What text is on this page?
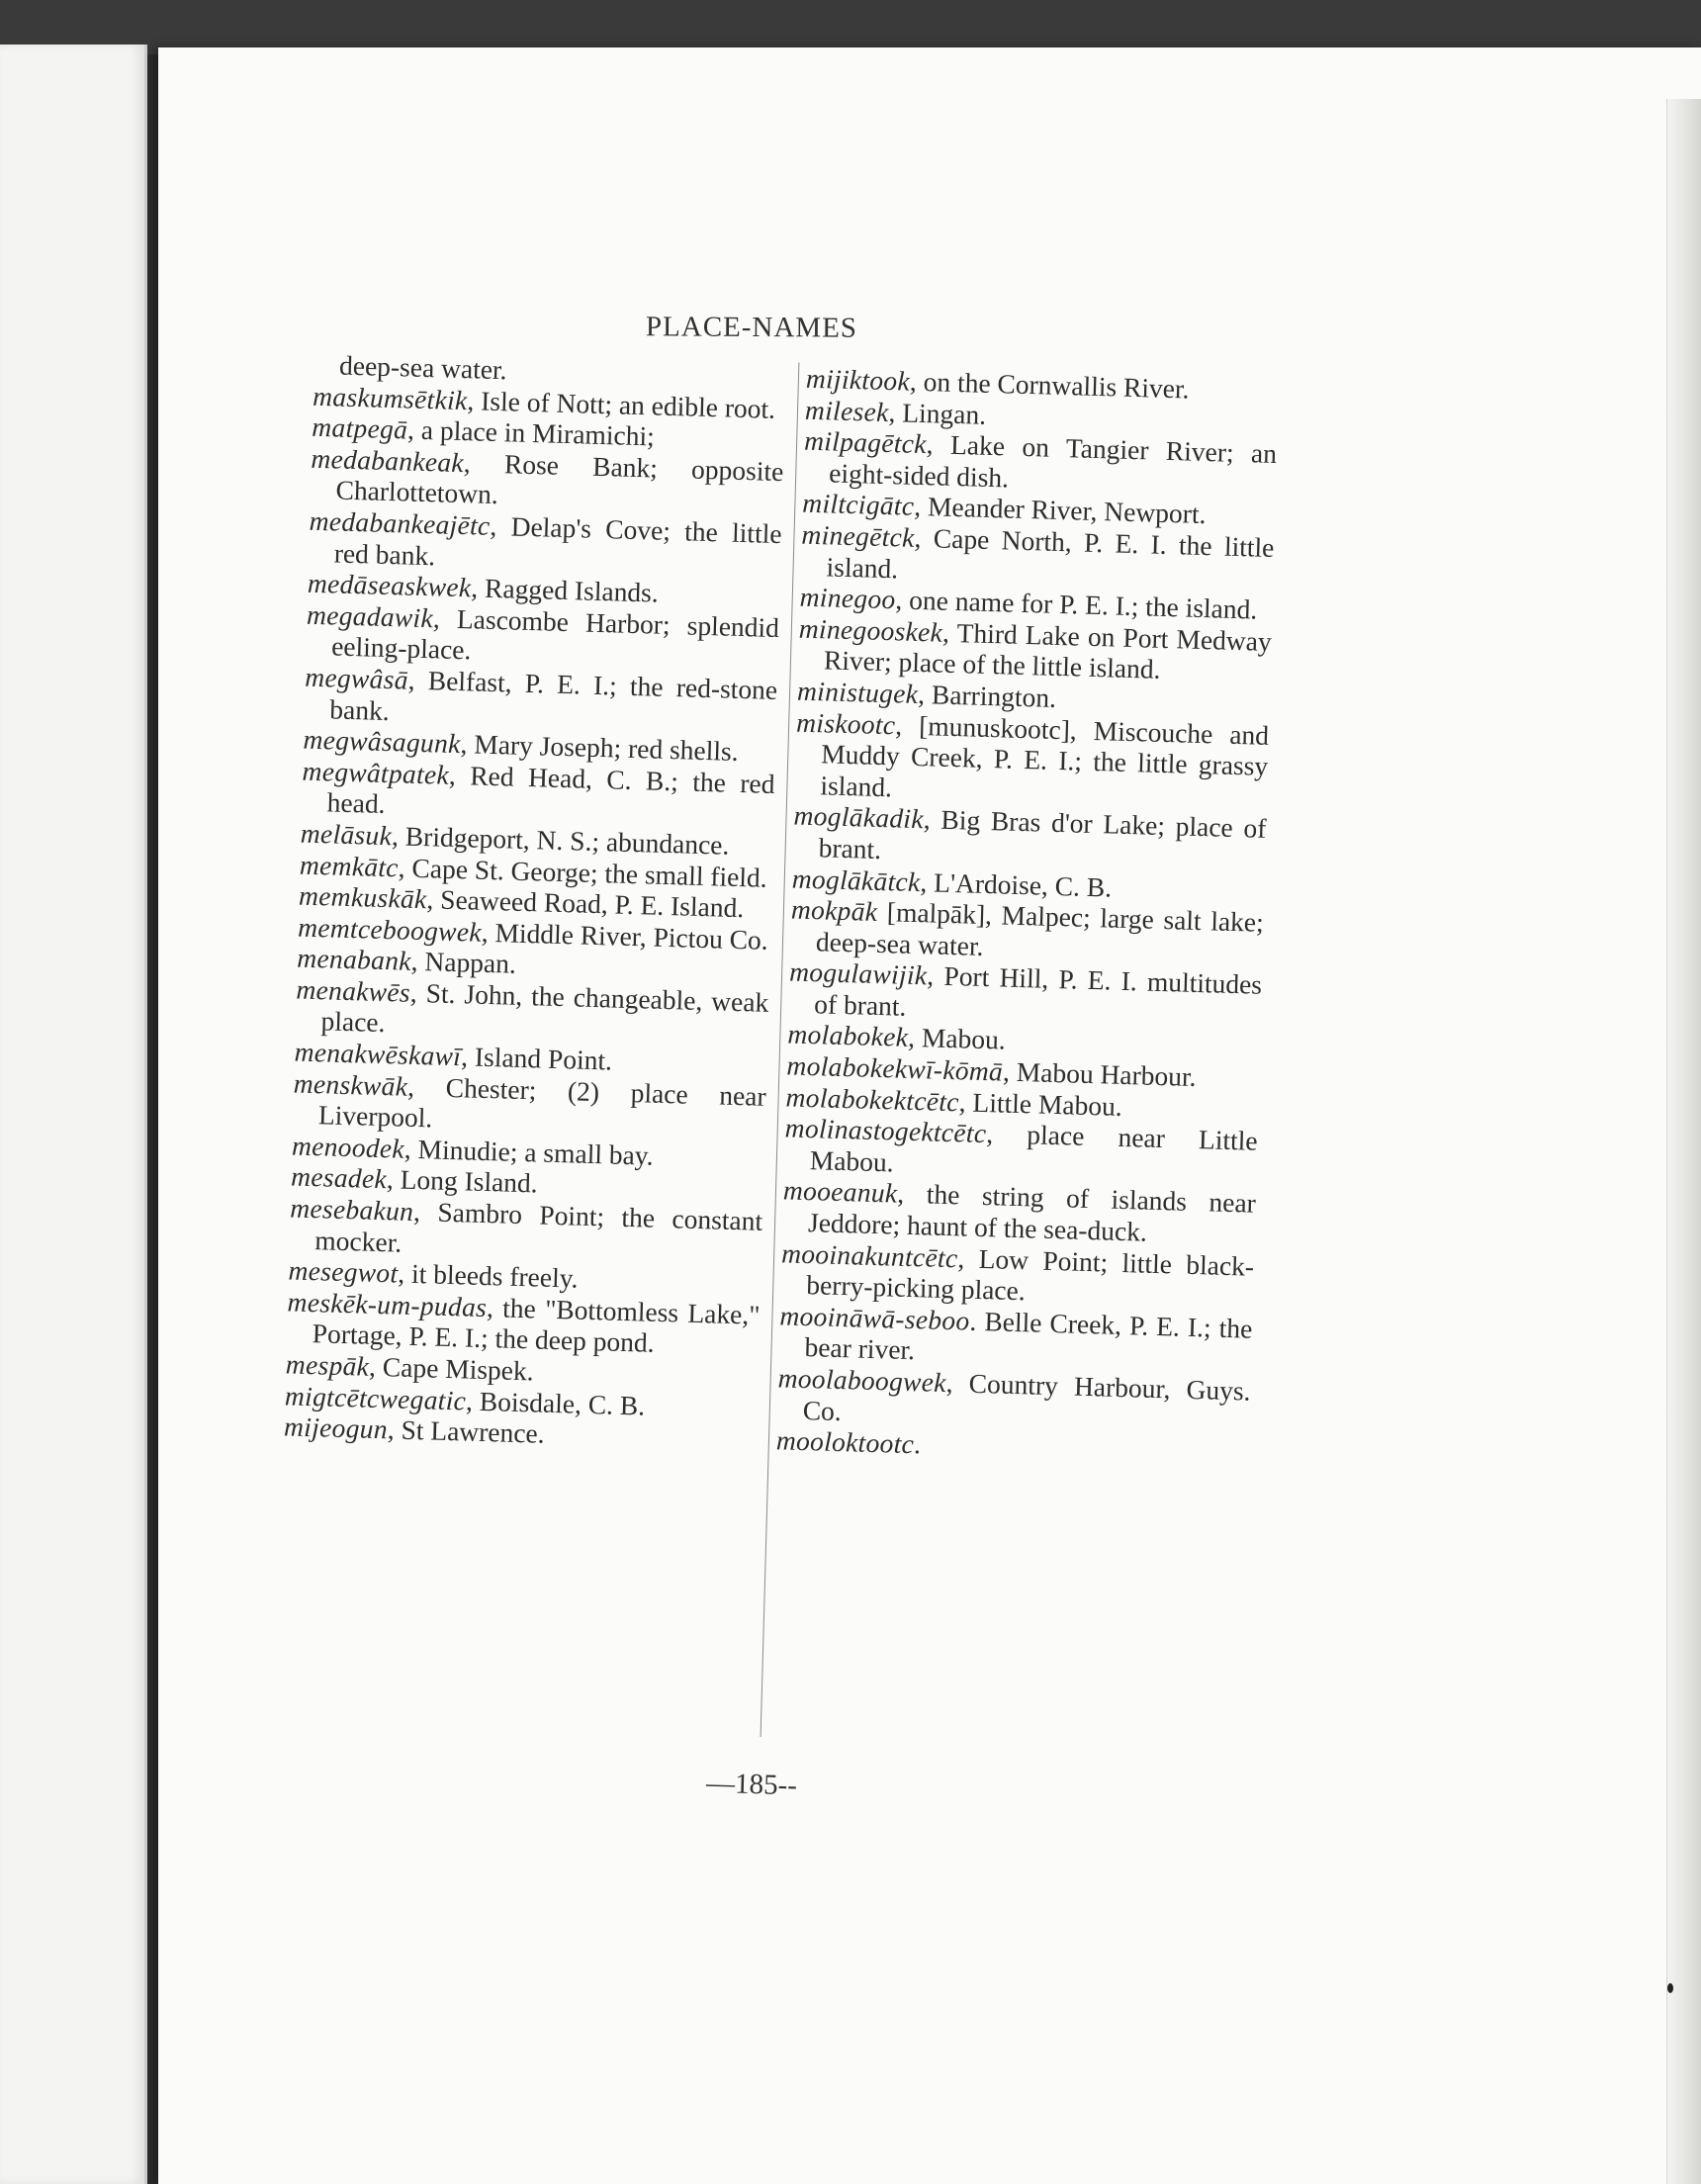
PLACE-NAMES

deep-sea water.

maskumsētkik, Isle of Nott; an edible root.

matpegā, a place in Miramichi;

medabankeak, Rose Bank; opposite Charlottetown.

medabankeajētc, Delap's Cove; the little red bank.

medāseaskwek, Ragged Islands.

megadawik, Lascombe Harbor; splendid eeling-place.

megwâsā, Belfast, P. E. I.; the red-stone bank.

megwâsagunk, Mary Joseph; red shells.

megwâtpatek, Red Head, C. B.; the red head.

melāsuk, Bridgeport, N. S.; abundance.

memkātc, Cape St. George; the small field.

memkuskāk, Seaweed Road, P. E. Island.

memtceboogwek, Middle River, Pictou Co.

menabank, Nappan.

menakwēs, St. John, the changeable, weak place.

menakwēskawī, Island Point.

menskwāk, Chester; (2) place near Liverpool.

menoodek, Minudie; a small bay.

mesadek, Long Island.

mesebakun, Sambro Point; the constant mocker.

mesegwot, it bleeds freely.

meskēk-um-pudas, the "Bottomless Lake," Portage, P. E. I.; the deep pond.

mespāk, Cape Mispek.

migtcētcwegatic, Boisdale, C. B.

mijeogun, St Lawrence.

mijiktook, on the Cornwallis River.

milesek, Lingan.

milpagētck, Lake on Tangier River; an eight-sided dish.

miltcigātc, Meander River, Newport.

minegētck, Cape North, P. E. I. the little island.

minegoo, one name for P. E. I.; the island.

minegooskek, Third Lake on Port Medway River; place of the little island.

ministugek, Barrington.

miskootc, [munuskootc], Miscouche and Muddy Creek, P. E. I.; the little grassy island.

moglākadik, Big Bras d'or Lake; place of brant.

moglākātck, L'Ardoise, C. B.

mokpāk [malpāk], Malpec; large salt lake; deep-sea water.

mogulawijik, Port Hill, P. E. I. multitudes of brant.

molabokek, Mabou.

molabokekwī-kōmā, Mabou Harbour.

molabokektcētc, Little Mabou.

molinastogektcētc, place near Little Mabou.

mooeanuk, the string of islands near Jeddore; haunt of the sea-duck.

mooinakuntcētc, Low Point; little black-berry-picking place.

mooināwā-seboo. Belle Creek, P. E. I.; the bear river.

moolaboogwek, Country Harbour, Guys. Co.

mooloktootc.

—185--
